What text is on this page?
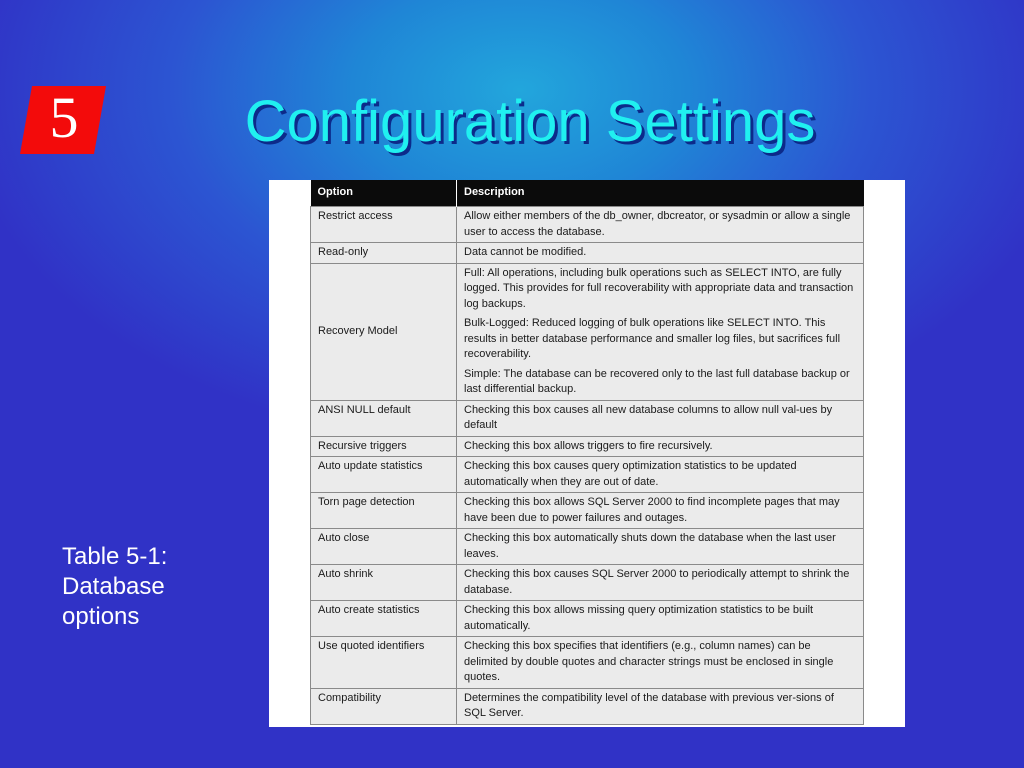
5	Configuration Settings
Table 5-1:
Database
options
Option	Description
Restrict access	Allow either members of the db_owner, dbcreator, or sysadmin or allow a single user to access the database.

Read-only	Data cannot be modified.

Recovery Model	Full: All operations, including bulk operations such as SELECT INTO, are fully logged. This provides for full recoverability with appropriate data and transaction log backups.
Bulk-Logged: Reduced logging of bulk operations like SELECT INTO. This results in better database performance and smaller log files, but sacrifices full recoverability.
Simple: The database can be recovered only to the last full database backup or last differential backup.

ANSI NULL default	Checking this box causes all new database columns to allow null val-ues by default

Recursive triggers	Checking this box allows triggers to fire recursively.

Auto update statistics	Checking this box causes query optimization statistics to be updated automatically when they are out of date.

Torn page detection	Checking this box allows SQL Server 2000 to find incomplete pages that may have been due to power failures and outages.

Auto close	Checking this box automatically shuts down the database when the last user leaves.

Auto shrink	Checking this box causes SQL Server 2000 to periodically attempt to shrink the database.

Auto create statistics	Checking this box allows missing query optimization statistics to be built automatically.

Use quoted identifiers	Checking this box specifies that identifiers (e.g., column names) can be delimited by double quotes and character strings must be enclosed in single quotes.

Compatibility	Determines the compatibility level of the database with previous ver-sions of SQL Server.
